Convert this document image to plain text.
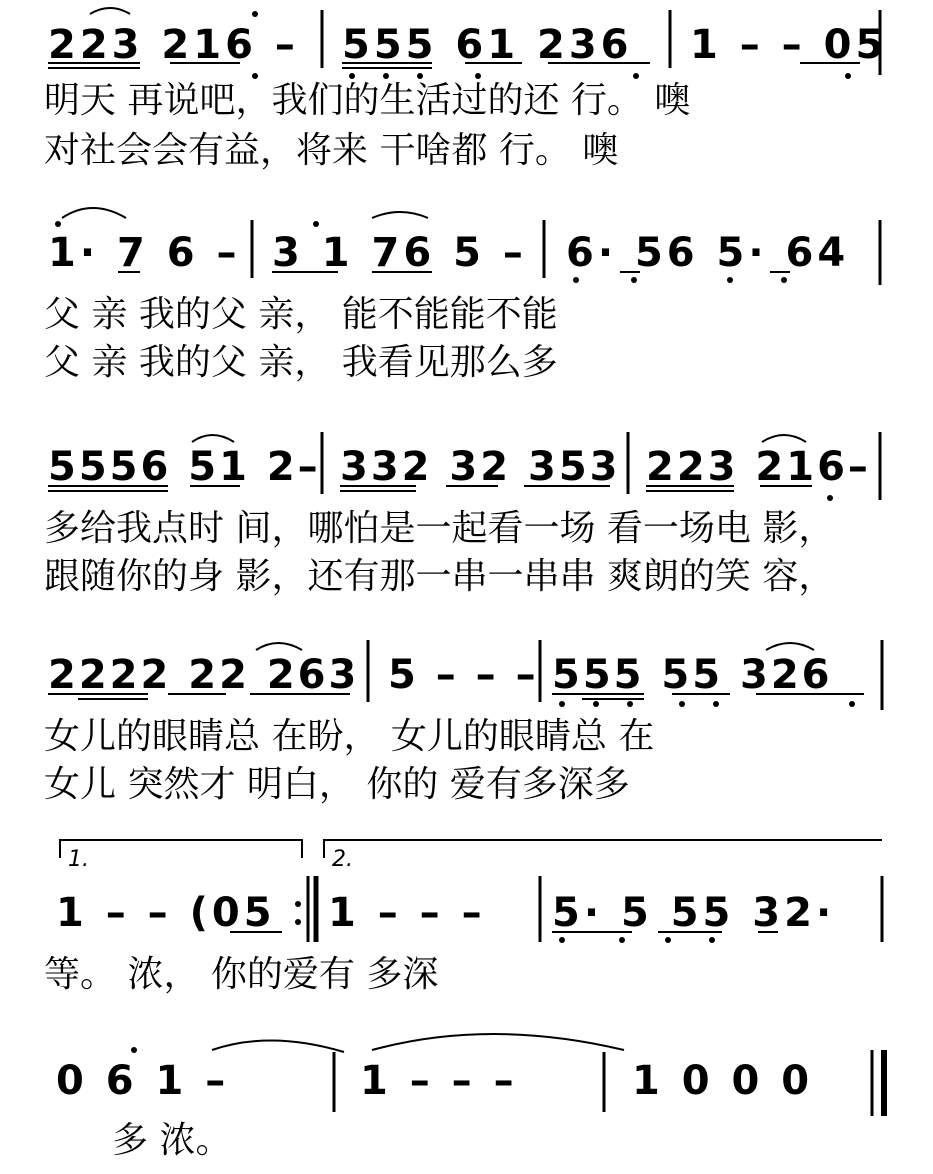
223 216 – 555 61 236 1 – – 05
明天 再说吧，我们的生活过的还 行。 噢
对社会会有益，将来 干啥都 行。 噢
1· 7 6 – 3 1 76 5 – 6· 56 5· 64
父 亲 我的父 亲， 能不能能不能
父 亲 我的父 亲， 我看见那么多
5556 51 2– 332 32 353 223 216–
多给我点时 间，哪怕是一起看一场 看一场电 影，
跟随你的身 影，还有那一串一串串 爽朗的笑 容，
2222 22 263 5 – – – 555 55 326
女儿的眼睛总 在盼， 女儿的眼睛总 在
女儿 突然才 明白， 你的 爱有多深多
1.	2.
1 – – (05 1 – – – 5· 5 55 32·
等。 浓， 你的爱有 多深
0 6 1 –	1 – – –	1 0 0 0
多 浓。
